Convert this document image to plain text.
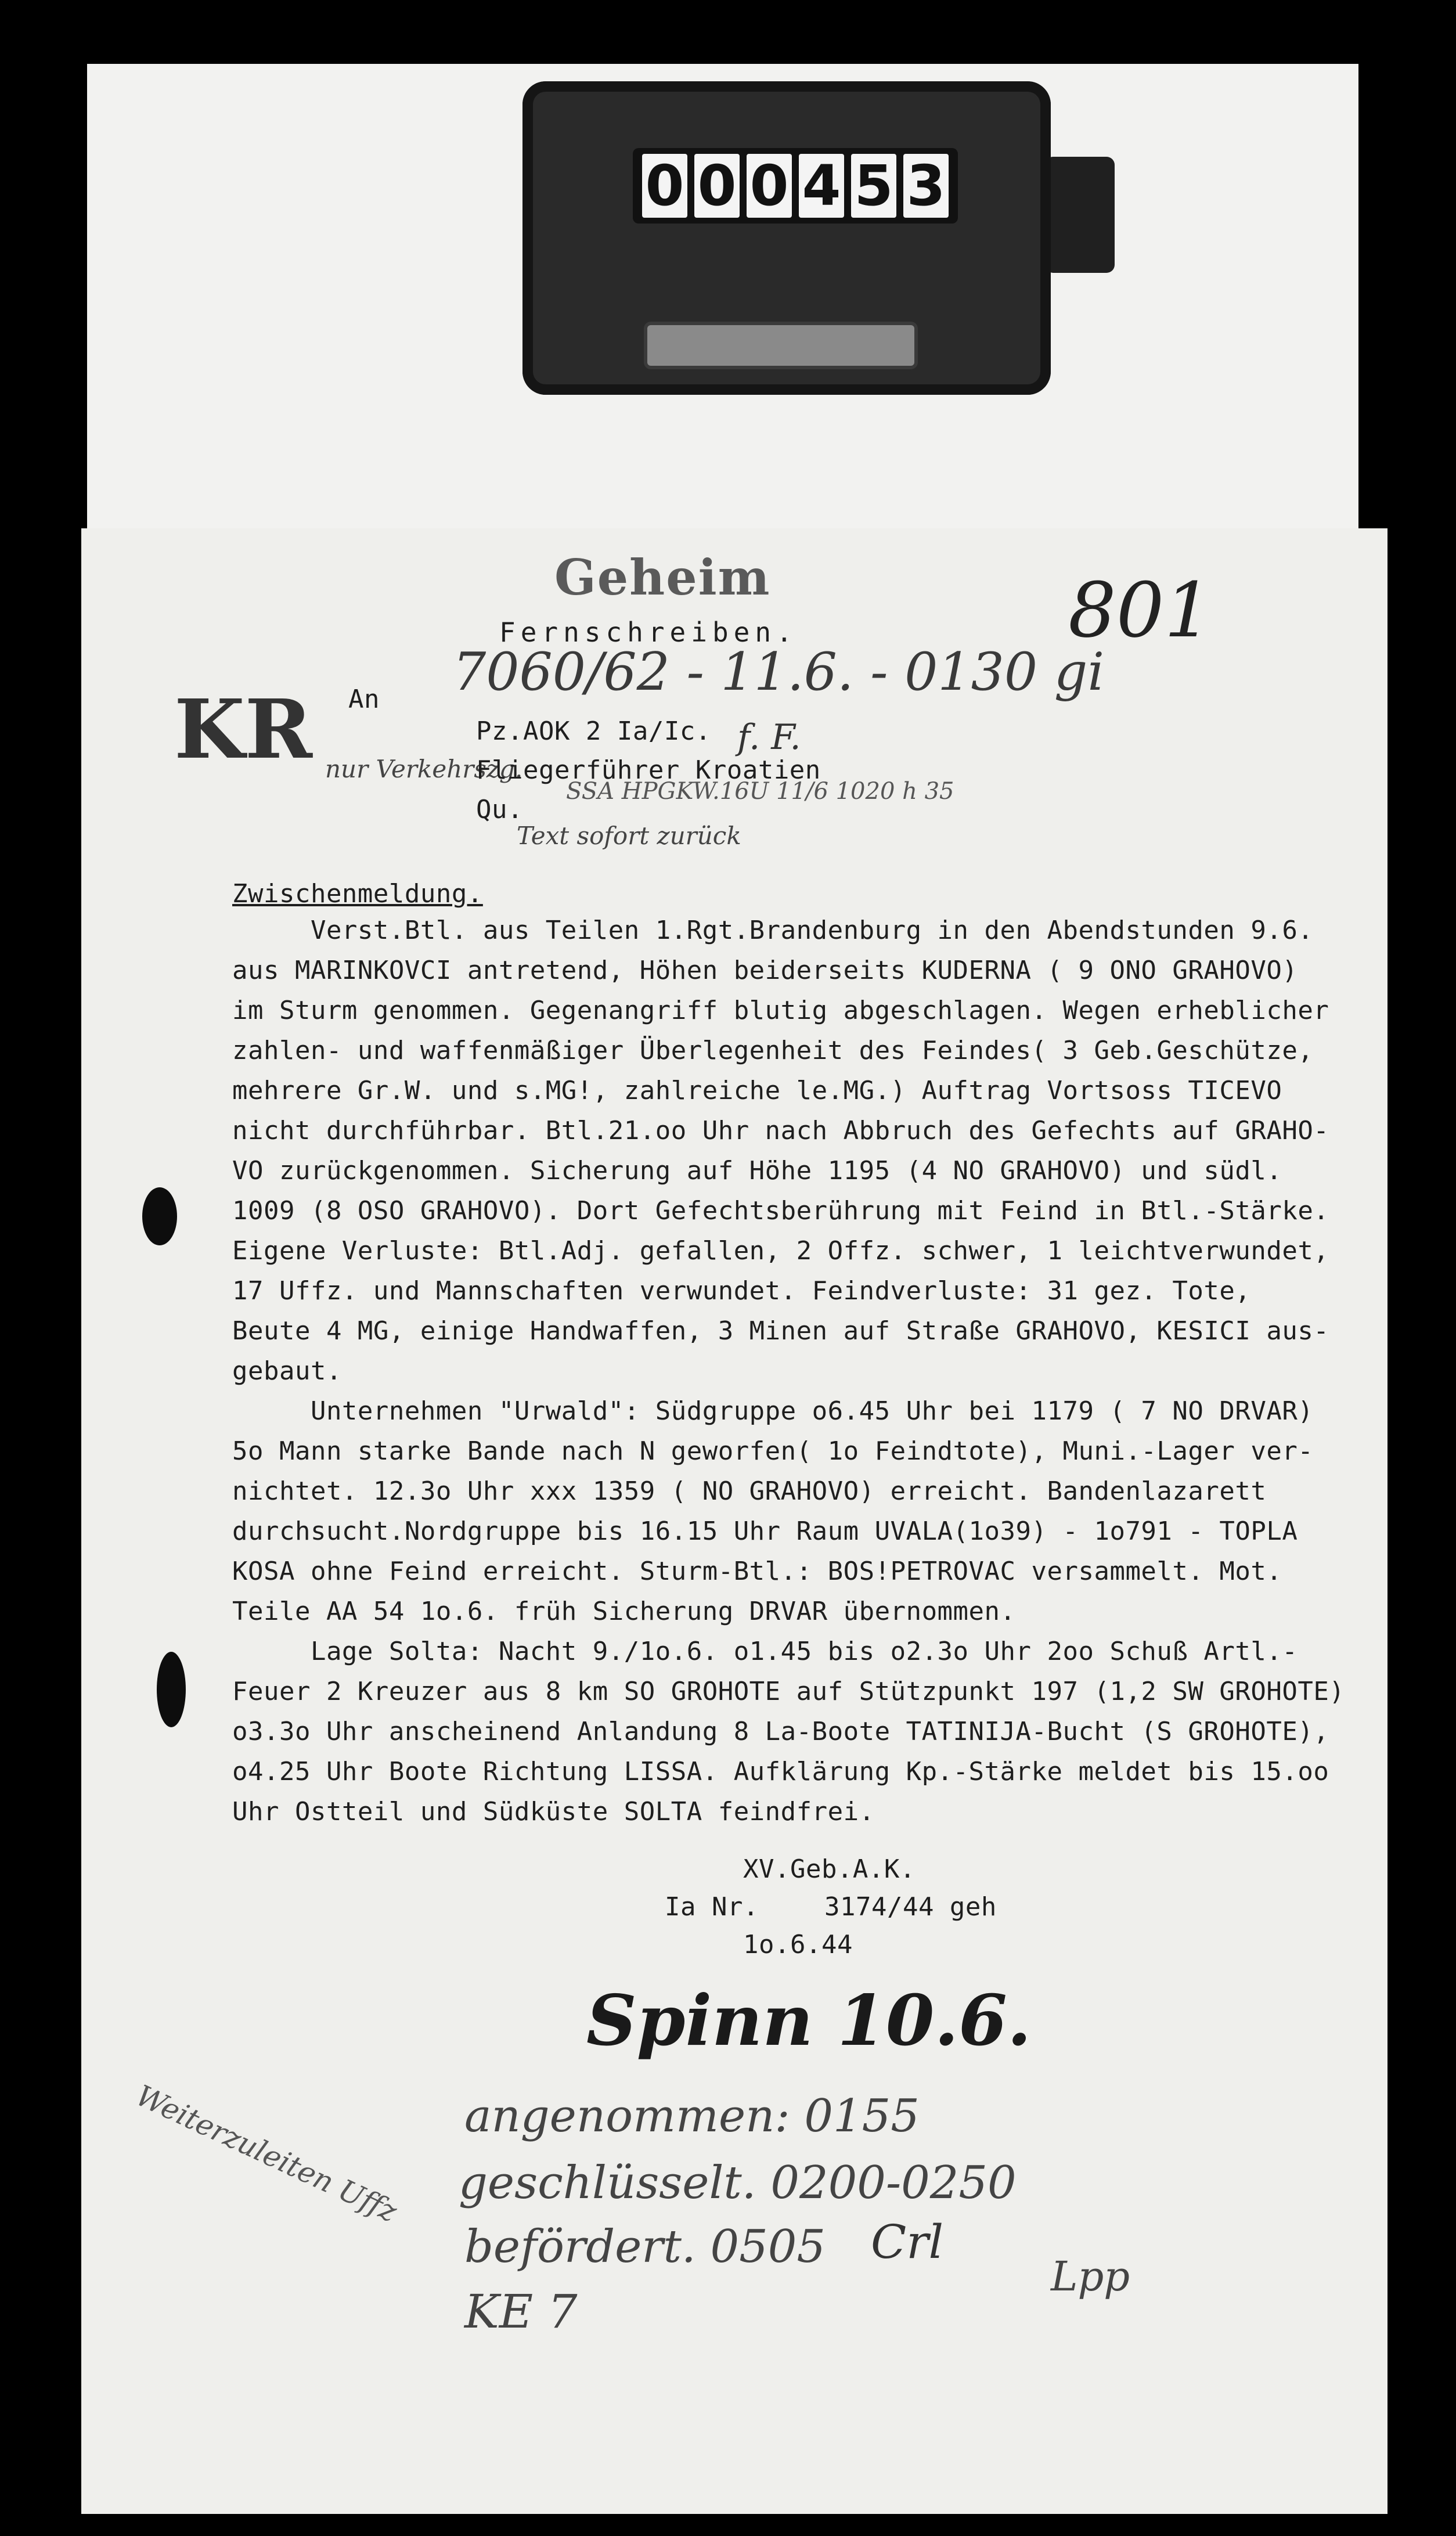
0 0 0 4 5 3
Geheim
Fernschreiben.	801
An 7060/62 - 11.6. - 0130 gi
KR nur Verkehrszg.
Pz.AOK 2 Ia/Ic.
Fliegerführer Kroatien
f. F.
Qu.
SSA HPGKW.16U 11/6 1020 h 35
Text sofort zurück
Zwischenmeldung.
Verst.Btl. aus Teilen 1.Rgt.Brandenburg in den Abendstunden 9.6.
aus MARINKOVCI antretend, Höhen beiderseits KUDERNA ( 9 ONO GRAHOVO)
im Sturm genommen. Gegenangriff blutig abgeschlagen. Wegen erheblicher
zahlen- und waffenmäßiger Überlegenheit des Feindes( 3 Geb.Geschütze,
mehrere Gr.W. und s.MG!, zahlreiche le.MG.) Auftrag Vortsoss TICEVO
nicht durchführbar. Btl.21.oo Uhr nach Abbruch des Gefechts auf GRAHO-
VO zurückgenommen. Sicherung auf Höhe 1195 (4 NO GRAHOVO) und südl.
1009 (8 OSO GRAHOVO). Dort Gefechtsberührung mit Feind in Btl.-Stärke.
Eigene Verluste: Btl.Adj. gefallen, 2 Offz. schwer, 1 leichtverwundet,
17 Uffz. und Mannschaften verwundet. Feindverluste: 31 gez. Tote,
Beute 4 MG, einige Handwaffen, 3 Minen auf Straße GRAHOVO, KESICI aus-
gebaut.
Unternehmen "Urwald": Südgruppe o6.45 Uhr bei 1179 ( 7 NO DRVAR)
5o Mann starke Bande nach N geworfen( 1o Feindtote), Muni.-Lager ver-
nichtet. 12.3o Uhr xxx 1359 ( NO GRAHOVO) erreicht. Bandenlazarett
durchsucht.Nordgruppe bis 16.15 Uhr Raum UVALA(1o39) - 1o791 - TOPLA
KOSA ohne Feind erreicht. Sturm-Btl.: BOS!PETROVAC versammelt. Mot.
Teile AA 54 1o.6. früh Sicherung DRVAR übernommen.
Lage Solta: Nacht 9./1o.6. o1.45 bis o2.3o Uhr 2oo Schuß Artl.-
Feuer 2 Kreuzer aus 8 km SO GROHOTE auf Stützpunkt 197 (1,2 SW GROHOTE)
o3.3o Uhr anscheinend Anlandung 8 La-Boote TATINIJA-Bucht (S GROHOTE),
o4.25 Uhr Boote Richtung LISSA. Aufklärung Kp.-Stärke meldet bis 15.oo
Uhr Ostteil und Südküste SOLTA feindfrei.
XV.Geb.A.K.
Ia Nr.	3174/44 geh
1o.6.44
Spinn 10.6.
Weiterzuleiten Uffz angenommen: 0155
geschlüsselt. 0200-0250
befördert. 0505 Crl
KE 7
Lpp
